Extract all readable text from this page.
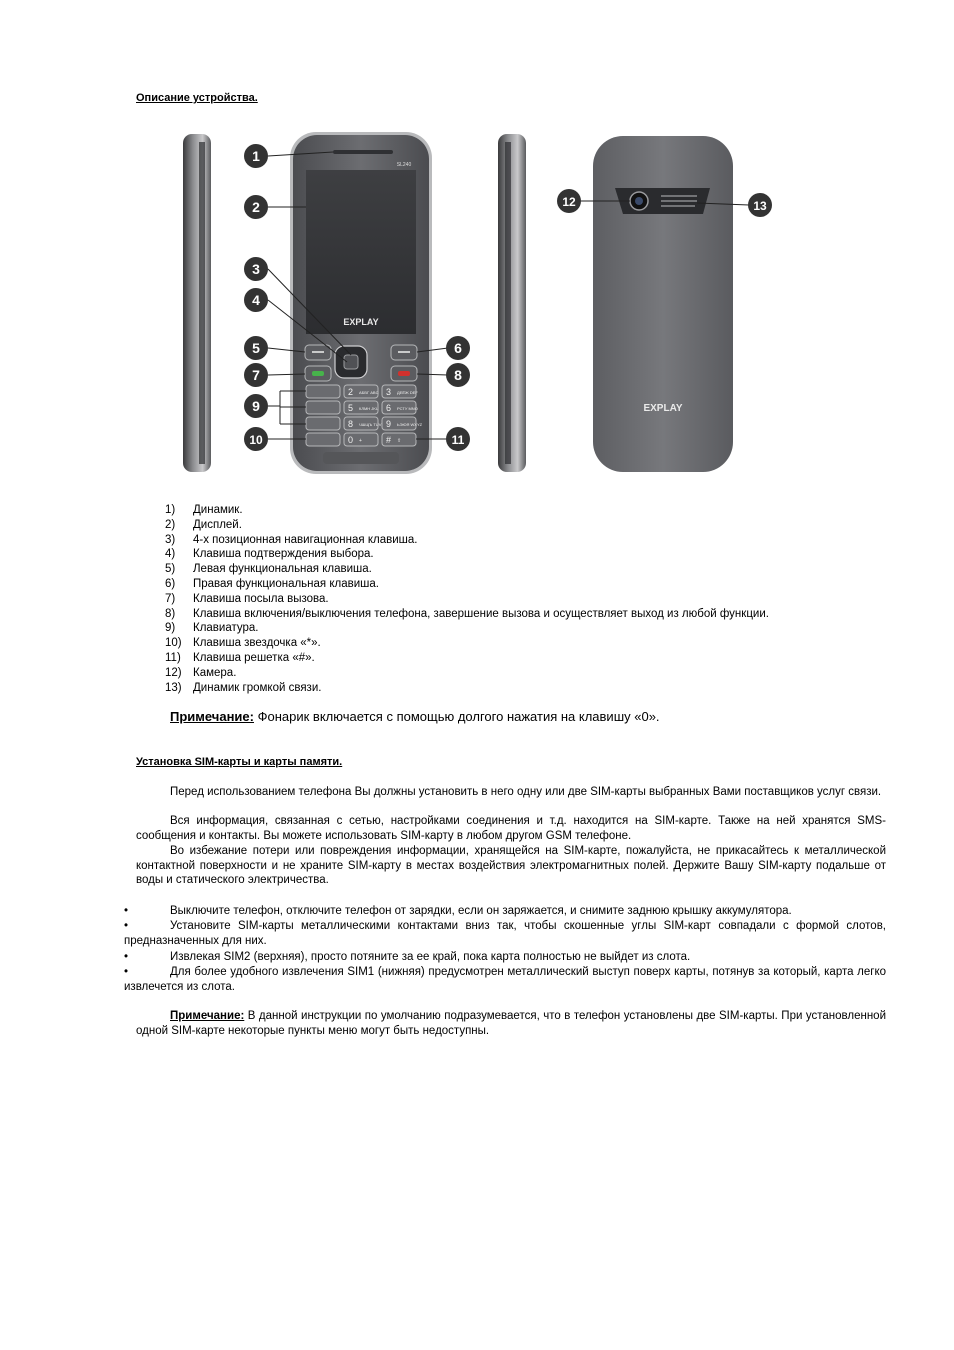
Описание устройства.
SL240
EXPLAY
2 АБВГ ABC 3 ДЕЁЖ DEF
5 КЛМН JKL 6 РСТУ MNO
8 ЧШЩЪ TUV 9 ЬЭЮЯ WXYZ
0 +	# ⇧
EXPLAY
1
2
3
4
5	6
7	8
9
10	11
12	13
1)	Динамик.
2)	Дисплей.
3)	4-х позиционная навигационная клавиша.
4)	Клавиша подтверждения выбора.
5)	Левая функциональная клавиша.
6)	Правая функциональная клавиша.
7)	Клавиша посыла вызова.
8)	Клавиша включения/выключения телефона, завершение вызова и осуществляет выход из любой функции.
9)	Клавиатура.
10) Клавиша звездочка «*».
11)	Клавиша решетка «#».
12) Камера.
13) Динамик громкой связи.
Примечание: Фонарик включается с помощью долгого нажатия на клавишу «0».
Установка SIM-карты и карты памяти.
Перед использованием телефона Вы должны установить в него одну или две SIM-карты выбранных Вами поставщиков услуг связи.
Вся информация, связанная с сетью, настройками соединения и т.д. находится на SIM-карте. Также на ней хранятся SMS-сообщения и контакты. Вы можете использовать SIM-карту в любом другом GSM телефоне.
Во избежание потери или повреждения информации, хранящейся на SIM-карте, пожалуйста, не прикасайтесь к металлической контактной поверхности и не храните SIM-карту в местах воздействия электромагнитных полей. Держите Вашу SIM-карту подальше от воды и статического электричества.
•	Выключите телефон, отключите телефон от зарядки, если он заряжается, и снимите заднюю крышку аккумулятора.
•	Установите SIM-карты металлическими контактами вниз так, чтобы скошенные углы SIM-карт совпадали с формой слотов, предназначенных для них.
•	Извлекая SIM2 (верхняя), просто потяните за ее край, пока карта полностью не выйдет из слота.
•	Для более удобного извлечения SIM1 (нижняя) предусмотрен металлический выступ поверх карты, потянув за который, карта легко извлечется из слота.
Примечание: В данной инструкции по умолчанию подразумевается, что в телефон установлены две SIM-карты. При установленной одной SIM-карте некоторые пункты меню могут быть недоступны.
